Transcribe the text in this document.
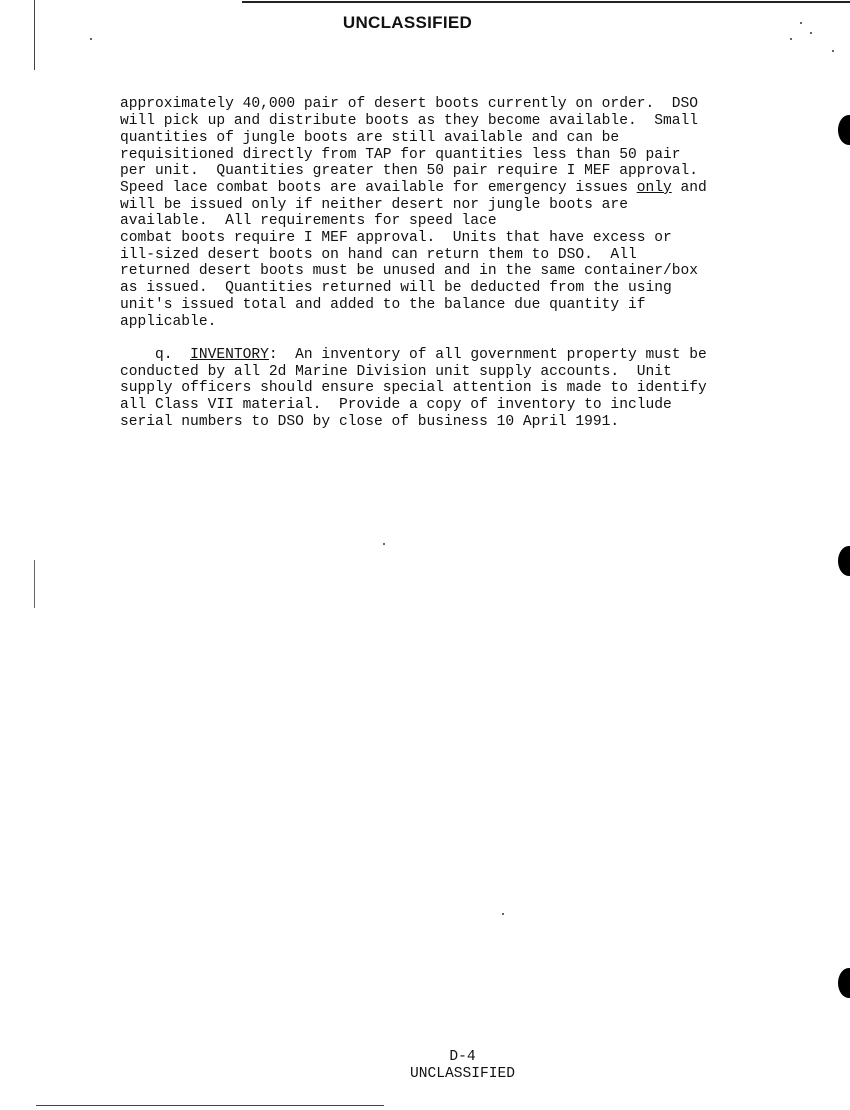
UNCLASSIFIED

approximately 40,000 pair of desert boots currently on order.  DSO
will pick up and distribute boots as they become available.  Small
quantities of jungle boots are still available and can be
requisitioned directly from TAP for quantities less than 50 pair
per unit.  Quantities greater then 50 pair require I MEF approval.
Speed lace combat boots are available for emergency issues only and
will be issued only if neither desert nor jungle boots are
available.  All requirements for speed lace
combat boots require I MEF approval.  Units that have excess or
ill-sized desert boots on hand can return them to DSO.  All
returned desert boots must be unused and in the same container/box
as issued.  Quantities returned will be deducted from the using
unit's issued total and added to the balance due quantity if
applicable.

q.  INVENTORY:  An inventory of all government property must be
conducted by all 2d Marine Division unit supply accounts.  Unit
supply officers should ensure special attention is made to identify
all Class VII material.  Provide a copy of inventory to include
serial numbers to DSO by close of business 10 April 1991.

D-4
UNCLASSIFIED
